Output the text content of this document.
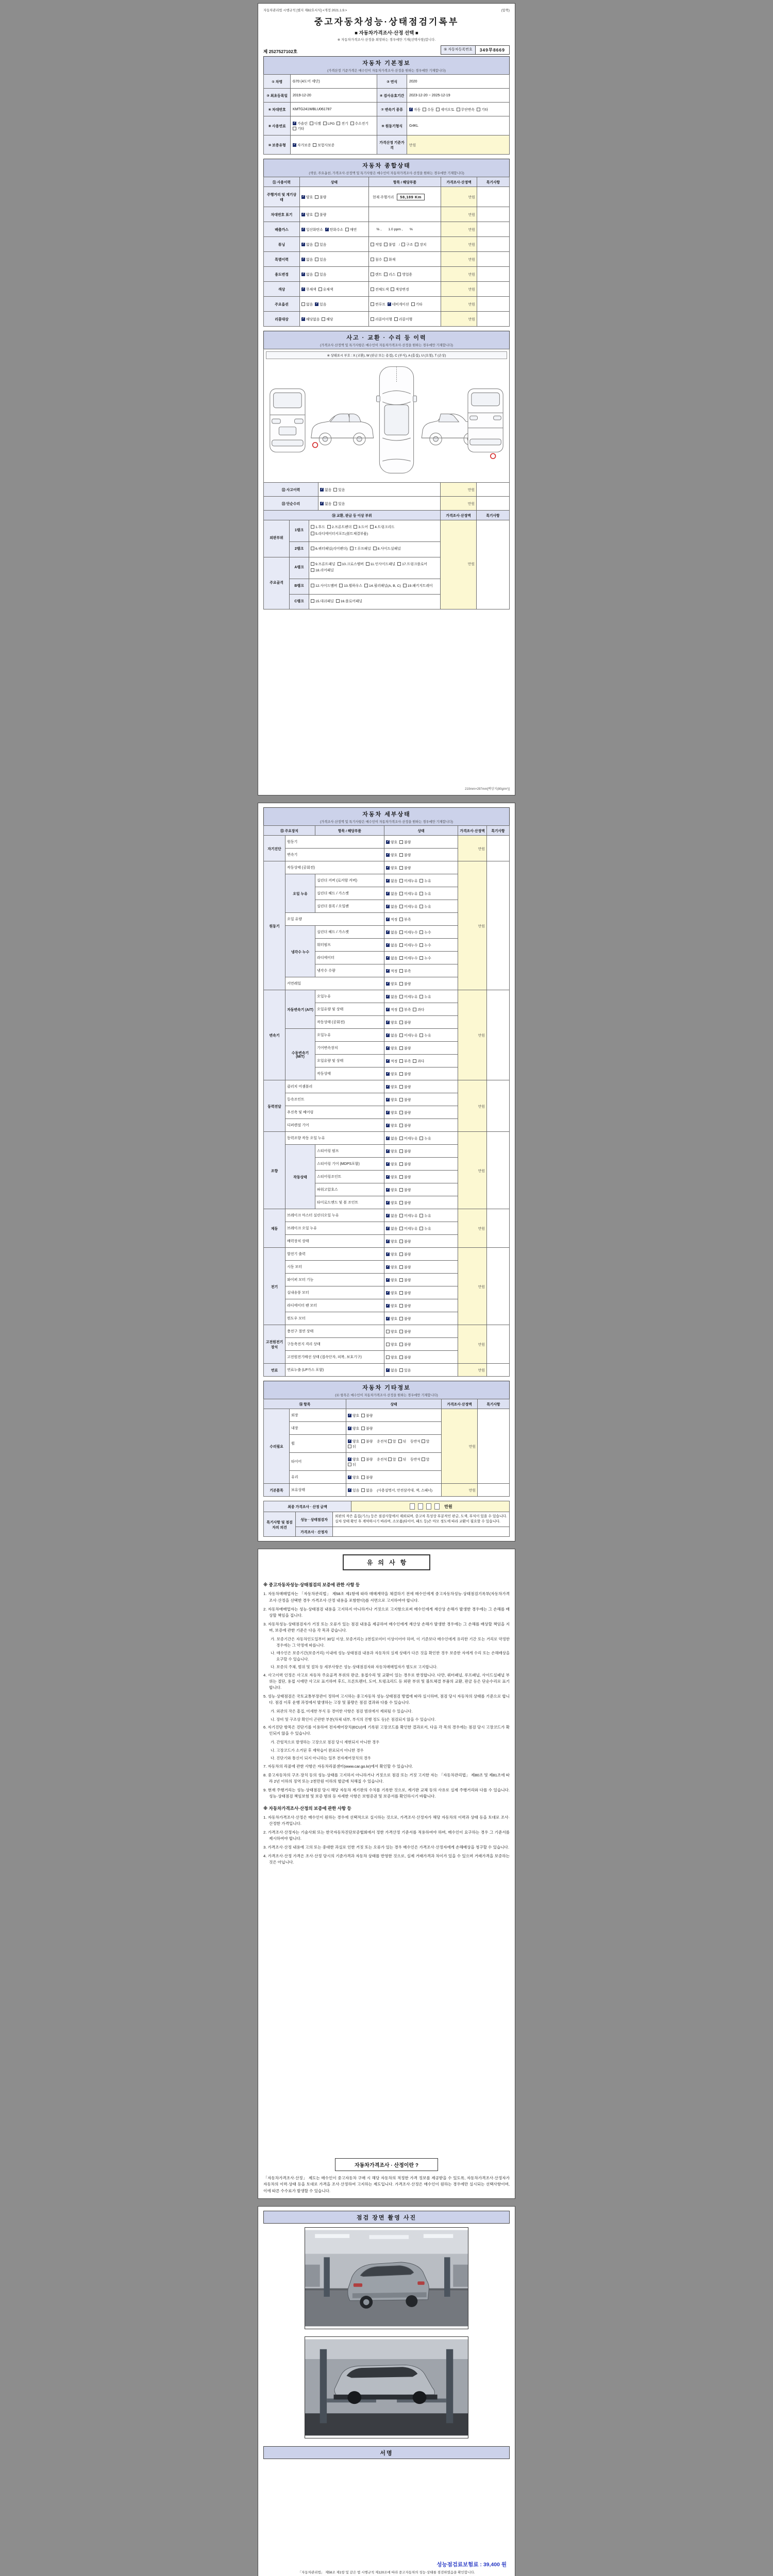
자동차관리법 시행규칙 [별지 제82호서식] <개정 2021.1.9.>	(앞쪽)
중고자동차성능·상태점검기록부
■ 자동차가격조사·산정 선택 ■
※ 자동차가격조사·산정을 희망하는 경우에만 기재(선택사항)합니다.
제 2527527102호	⑤ 자동차등록번호	349무8669
자동차 기본정보
(가격산정 기준가격은 매수인이 자동차가격조사·산정을 원하는 경우에만 기재합니다)
① 차명	G70 (4도어 세단)	② 연식	2020
③ 최초등록일	2019-12-20	④ 검사유효기간	2023-12-20 ~ 2025-12-19
⑥ 차대번호	KMTG241WBLU061787	⑦ 변속기 종류	✓자동 수동 세미오토 무단변속 기타
⑧ 사용연료	✓가솔린 디젤 LPG 전기 수소전기기타	⑨ 원동기형식	G4KL
⑩ 보증유형	✓자가보증 보험사보증	가격산정 기준가격	만원
자동차 종합상태
(색상, 주요옵션, 가격조사·산정액 및 특기사항은 매수인이 자동차가격조사·산정을 원하는 경우에만 기재합니다)
⑪ 사용이력	상태	항목 / 해당부품	가격조사·산정액	특기사항
주행거리 및 계기상태	✓양호 불량	현재 주행거리 58,189 Km	만원	
차대번호 표기	✓양호 불량		만원	
배출가스	✓일산화탄소 ✓ 탄화수소 매연	% ,       1.0 ppm ,       %	만원	
튜닝	✓없음 있음	적법 불법 / 구조 장치	만원	
특별이력	✓없음 있음	침수 화재	만원	
용도변경	✓없음 있음	렌트 리스 영업용	만원	
색상	✓무채색 유채색	전체도색 색상변경	만원	
주요옵션	없음 ✓ 있음	썬루프 ✓ 네비게이션 기타	만원	
리콜대상	✓해당없음 해당	리콜미이행 리콜이행	만원	
사고 · 교환 · 수리 등 이력
(가격조사·산정액 및 특기사항은 매수인이 자동차가격조사·산정을 원하는 경우에만 기재합니다)
※ 상태표시 부호 : X (교환), W (판금 또는 용접), C (부식), A (흠집), U (요철), T (손상)
⑫ 사고이력	✓없음 있음	만원	
⑬ 단순수리	✓없음 있음	만원	
⑭ 교환, 판금 등 이상 부위			가격조사·산정액	특기사항
외판부위	1랭크	1.후드 2.프론트펜더 3.도어 4.트렁크리드5.라디에이터서포트(볼트체결부품)	만원	
	2랭크	6.쿼터패널(리어펜더) 7.루프패널 8.사이드실패널		
주요골격	A랭크	9.프론트패널 10.크로스멤버 11.인사이드패널 17.트렁크플로어18.리어패널		
	B랭크	12.사이드멤버 13.휠하우스 14.필러패널(A, B, C) 19.패키지트레이		
	C랭크	15.대쉬패널 16.플로어패널		
210mm×297mm[백상지(80g/m²)]
자동차 세부상태
(가격조사·산정액 및 특기사항은 매수인이 자동차가격조사·산정을 원하는 경우에만 기재합니다)
⑮ 주요장치		항목 / 해당부품	상태	가격조사·산정액	특기사항
자기진단	원동기	✓양호 불량	만원	
	변속기	✓양호 불량
원동기	작동상태 (공회전)	✓양호 불량	만원	
	오일 누유	실린더 커버 (로커암 커버)	✓없음 미세누유 누유
		실린더 헤드 / 가스켓	✓없음 미세누유 누유
		실린더 블록 / 오일팬	✓없음 미세누유 누유
	오일 유량	✓적정 부족
	냉각수 누수	실린더 헤드 / 가스켓	✓없음 미세누수 누수
		워터펌프	✓없음 미세누수 누수
		라디에이터	✓없음 미세누수 누수
		냉각수 수량	✓적정 부족
	커먼레일	✓양호 불량
변속기	자동변속기 (A/T)	오일누유	✓없음 미세누유 누유	만원	
		오일유량 및 상태	✓적정 부족 과다
		작동상태 (공회전)	✓양호 불량
	수동변속기 (M/T)	오일누유	✓없음 미세누유 누유
		기어변속장치	✓양호 불량
		오일유량 및 상태	✓적정 부족 과다
		작동상태	✓양호 불량
동력전달	클러치 어셈블리	✓양호 불량	만원	
	등속조인트	✓양호 불량
	추진축 및 베어링	✓양호 불량
	디퍼렌셜 기어	✓양호 불량
조향	동력조향 작동 오일 누유	✓없음 미세누유 누유	만원	
	작동상태	스티어링 펌프	✓양호 불량
		스티어링 기어 (MDPS포함)	✓양호 불량
		스티어링조인트	✓양호 불량
		파워고압호스	✓양호 불량
		타이로드엔드 및 볼 조인트	✓양호 불량
제동	브레이크 마스터 실린더오일 누유	✓없음 미세누유 누유	만원	
	브레이크 오일 누유	✓없음 미세누유 누유
	배력장치 상태	✓양호 불량
전기	발전기 출력	✓양호 불량	만원	
	시동 모터	✓양호 불량
	와이퍼 모터 기능	✓양호 불량
	실내송풍 모터	✓양호 불량
	라디에이터 팬 모터	✓양호 불량
	윈도우 모터	✓양호 불량
고전원전기장치	충전구 절연 상태		양호 불량	만원	
	구동축전지 격리 상태		양호 불량		
	고전원전기배선 상태 (접속단자, 피복, 보호기구)		양호 불량		
연료	연료누출 (LP가스 포함)	✓없음 있음	만원	
자동차 기타정보
(⑯ 항목은 매수인이 자동차가격조사·산정을 원하는 경우에만 기재합니다)
⑯ 항목		상태	가격조사·산정액	특기사항
수리필요	외장	✓양호 불량	만원	
	내장	✓양호 불량
	휠	✓양호 불량 운전석 앞 뒤 동반석 앞뒤
	타이어	✓양호 불량 운전석 앞 뒤 동반석 앞뒤
	유리	✓양호 불량
기본품목	보유상태	✓있음 없음 (사용설명서, 안전삼각대, 잭, 스패너)	만원	
최종 가격조사 · 산정 금액	만원
특기사항 및 점검자의 의견	성능 · 상태점검자	외판의 작은 흠집(기스) 등은 점검사항에서 제외되며, 중고차 특성상 부분적인 판금, 도색, 부식이 있을 수 있습니다. 실차 상태 확인 후 계약하시기 바라며, 소모품(타이어, 패드 등)은 마모 정도에 따라 교환이 필요할 수 있습니다.
	가격조사 · 산정자	
유의사항
※ 중고자동차성능·상태점검의 보증에 관한 사항 등
1. 자동차매매업자는 「자동차관리법」 제58조 제1항에 따라 매매계약을 체결하기 전에 매수인에게 중고자동차성능·상태점검기록부(자동차가격조사·산정을 선택한 경우 가격조사·산정 내용을 포함한다)를 서면으로 고지하여야 합니다.
2. 자동차매매업자는 성능·상태점검 내용을 고지하지 아니하거나 거짓으로 고지함으로써 매수인에게 재산상 손해가 발생한 경우에는 그 손해를 배상할 책임을 집니다.
3. 자동차성능·상태점검자가 거짓 또는 오류가 있는 점검 내용을 제공하여 매수인에게 재산상 손해가 발생한 경우에는 그 손해를 배상할 책임을 지며, 보증에 관한 기준은 다음 각 목과 같습니다.
가. 보증기간은 자동차인도일부터 30일 이상, 보증거리는 2천킬로미터 이상이어야 하며, 이 기준보다 매수인에게 유리한 기간 또는 거리로 약정한 경우에는 그 약정에 따릅니다.
나. 매수인은 보증기간(보증거리) 이내에 성능·상태점검 내용과 자동차의 실제 상태가 다른 것을 확인한 경우 보증한 자에게 수리 또는 손해배상을 요구할 수 있습니다.
다. 보증의 주체, 범위 및 절차 등 세부사항은 성능·상태점검자와 자동차매매업자가 별도로 고지합니다.
4. 사고이력 인정은 사고로 자동차 주요골격 부위의 판금, 용접수리 및 교환이 있는 경우로 한정합니다. 다만, 쿼터패널, 루프패널, 사이드실패널 부위는 절단, 용접 시에만 사고로 표기하며 후드, 프론트펜더, 도어, 트렁크리드 등 외판 부위 및 볼트체결 부품의 교환, 판금 등은 단순수리로 표기합니다.
5. 성능·상태점검은 국토교통부장관이 정하여 고시하는 중고자동차 성능·상태점검 방법에 따라 실시하며, 점검 당시 자동차의 상태를 기준으로 합니다. 점검 이후 운행 과정에서 발생하는 고장 및 불량은 점검 결과와 다를 수 있습니다.
가. 외관의 작은 흠집, 미세한 부식 등 경미한 사항은 점검 범위에서 제외될 수 있습니다.
나. 장비 및 구조상 확인이 곤란한 부분(차체 내부, 부식의 진행 정도 등)은 점검되지 않을 수 있습니다.
6. 자기진단 항목은 진단기를 이용하여 전자제어장치(ECU)에 기록된 고장코드를 확인한 결과로서, 다음 각 목의 경우에는 점검 당시 고장코드가 확인되지 않을 수 있습니다.
가. 간헐적으로 발생하는 고장으로 점검 당시 재현되지 아니한 경우
나. 고장코드가 소거된 후 재학습이 완료되지 아니한 경우
다. 진단기와 통신이 되지 아니하는 일부 전자제어장치의 경우
7. 자동차의 리콜에 관한 사항은 자동차리콜센터(www.car.go.kr)에서 확인할 수 있습니다.
8. 중고자동차의 구조·장치 등의 성능·상태를 고지하지 아니하거나 거짓으로 점검 또는 거짓 고지한 자는 「자동차관리법」 제80조 및 제81조에 따라 2년 이하의 징역 또는 2천만원 이하의 벌금에 처해질 수 있습니다.
9. 현재 주행거리는 성능·상태점검 당시 해당 자동차 계기판의 수치를 기록한 것으로, 계기판 교체 등의 사유로 실제 주행거리와 다를 수 있습니다. 성능·상태점검 책임보험 및 보증 범위 등 자세한 사항은 보험증권 및 보증서를 확인하시기 바랍니다.
※ 자동차가격조사·산정의 보증에 관한 사항 등
1. 자동차가격조사·산정은 매수인이 원하는 경우에 선택적으로 실시하는 것으로, 가격조사·산정자가 해당 자동차의 이력과 상태 등을 토대로 조사·산정한 가격입니다.
2. 가격조사·산정자는 기술사회 또는 한국자동차진단보증협회에서 정한 가격산정 기준서를 적용하여야 하며, 매수인이 요구하는 경우 그 기준서를 제시하여야 합니다.
3. 가격조사·산정 내용에 고의 또는 중대한 과실로 인한 거짓 또는 오류가 있는 경우 매수인은 가격조사·산정자에게 손해배상을 청구할 수 있습니다.
4. 가격조사·산정 가격은 조사·산정 당시의 기준가격과 자동차 상태를 반영한 것으로, 실제 거래가격과 차이가 있을 수 있으며 거래가격을 보증하는 것은 아닙니다.
자동차가격조사 · 산정이란 ?
「자동차가격조사·산정」 제도는 매수인이 중고자동차 구매 시 해당 자동차의 적정한 가격 정보를 제공받을 수 있도록, 자동차가격조사·산정자가 자동차의 이력·상태 등을 토대로 가격을 조사·산정하여 고지하는 제도입니다. 가격조사·산정은 매수인이 원하는 경우에만 실시되는 선택사항이며, 이에 따른 수수료가 발생할 수 있습니다.
점검 장면 촬영 사진
서명
성능점검료보험료 : 39,400 원
「자동차관리법」 제58조 제1항 및 같은 법 시행규칙 제120조에 따라 중고자동차의 성능·상태를 점검하였음을 확인합니다.
